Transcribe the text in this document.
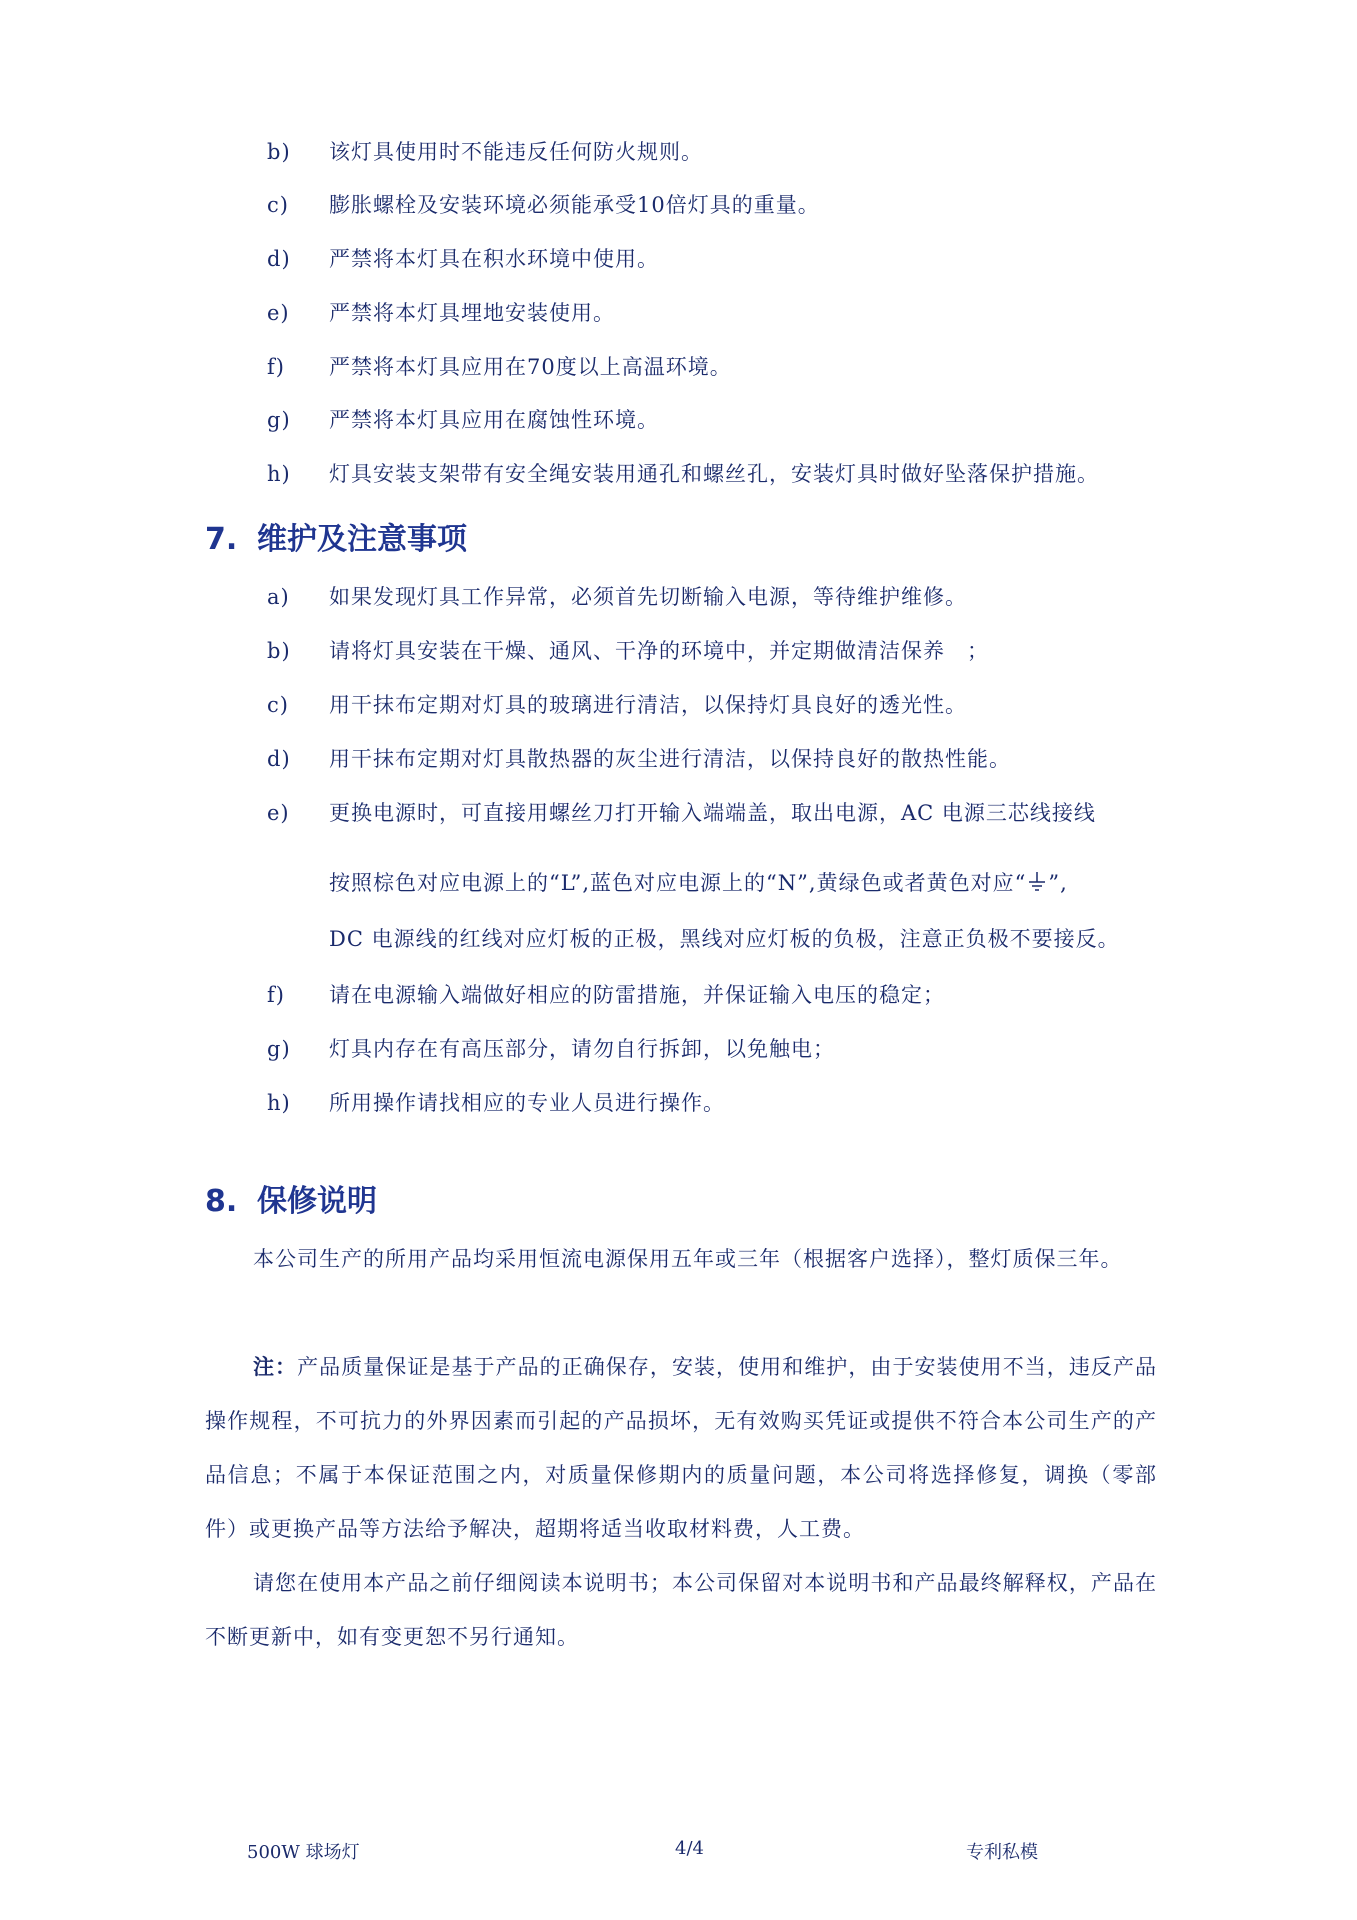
b)	该灯具使用时不能违反任何防火规则。
c)	膨胀螺栓及安装环境必须能承受10倍灯具的重量。
d)	严禁将本灯具在积水环境中使用。
e)	严禁将本灯具埋地安装使用。
f)	严禁将本灯具应用在70度以上高温环境。
g)	严禁将本灯具应用在腐蚀性环境。
h)	灯具安装支架带有安全绳安装用通孔和螺丝孔，安装灯具时做好坠落保护措施。
7. 维护及注意事项
a)	如果发现灯具工作异常，必须首先切断输入电源，等待维护维修。
b)	请将灯具安装在干燥、通风、干净的环境中，并定期做清洁保养　；
c)	用干抹布定期对灯具的玻璃进行清洁，以保持灯具良好的透光性。
d)	用干抹布定期对灯具散热器的灰尘进行清洁，以保持良好的散热性能。
e)	更换电源时，可直接用螺丝刀打开输入端端盖，取出电源，AC 电源三芯线接线
按照棕色对应电源上的“L”,蓝色对应电源上的“N”,黄绿色或者黄色对应“ ”,
DC 电源线的红线对应灯板的正极，黑线对应灯板的负极，注意正负极不要接反。
f)	请在电源输入端做好相应的防雷措施，并保证输入电压的稳定；
g)	灯具内存在有高压部分，请勿自行拆卸，以免触电；
h)	所用操作请找相应的专业人员进行操作。
8. 保修说明
本公司生产的所用产品均采用恒流电源保用五年或三年（根据客户选择），整灯质保三年。
注：产品质量保证是基于产品的正确保存，安装，使用和维护，由于安装使用不当，违反产品操作规程，不可抗力的外界因素而引起的产品损坏，无有效购买凭证或提供不符合本公司生产的产品信息；不属于本保证范围之内，对质量保修期内的质量问题，本公司将选择修复，调换（零部件）或更换产品等方法给予解决，超期将适当收取材料费，人工费。
请您在使用本产品之前仔细阅读本说明书；本公司保留对本说明书和产品最终解释权，产品在不断更新中，如有变更恕不另行通知。
500W 球场灯	4/4	专利私模
